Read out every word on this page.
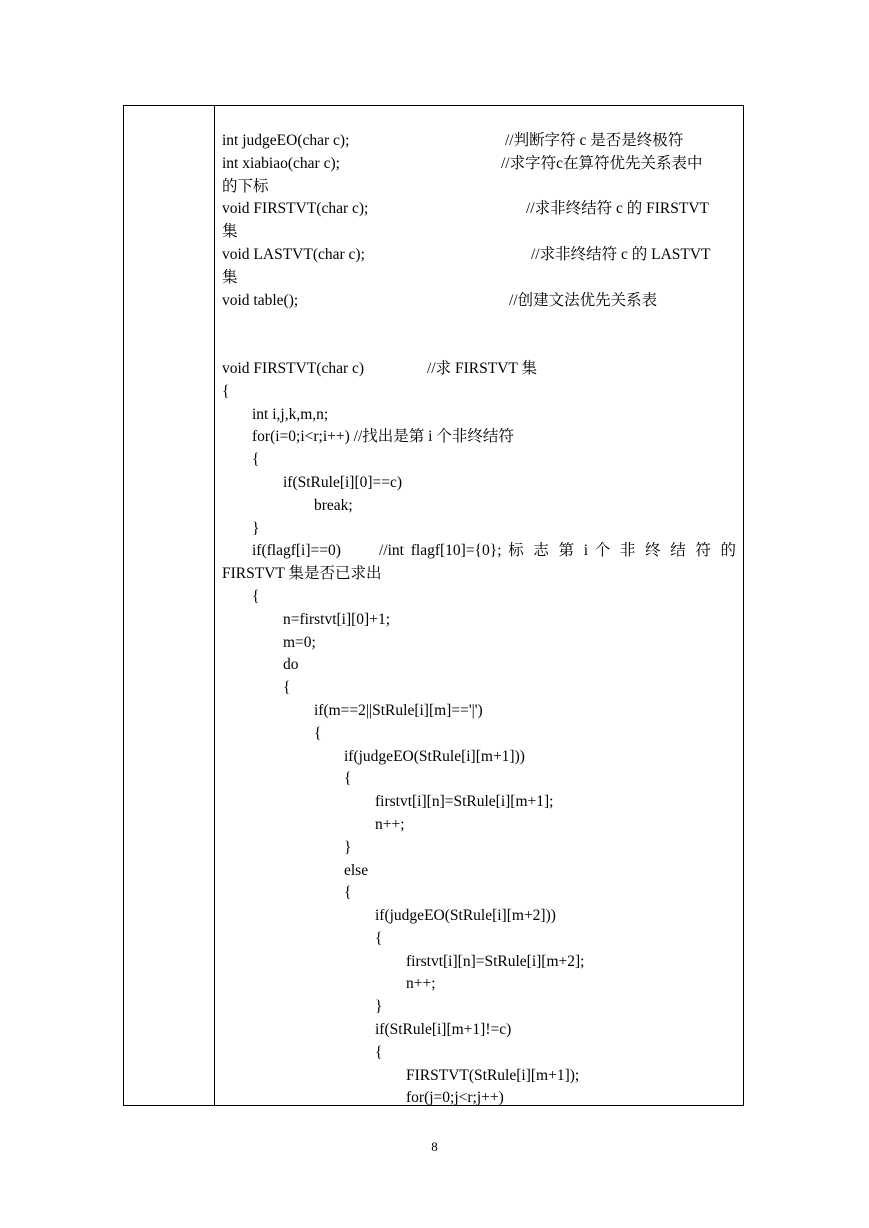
int judgeEO(char c);	//判断字符 c 是否是终极符
int xiabiao(char c);	//求字符c在算符优先关系表中
的下标
void FIRSTVT(char c);	//求非终结符 c 的 FIRSTVT
集
void LASTVT(char c);	//求非终结符 c 的 LASTVT
集
void table();	//创建文法优先关系表
void FIRSTVT(char c)	//求 FIRSTVT 集
{
int i,j,k,m,n;
for(i=0;i<r;i++) //找出是第 i 个非终结符
{
if(StRule[i][0]==c)
break;
}
if(flagf[i]==0) //int flagf[10]={0}; 标 志 第 i 个 非 终 结 符 的
FIRSTVT 集是否已求出
{
n=firstvt[i][0]+1;
m=0;
do
{
if(m==2||StRule[i][m]=='|')
{
if(judgeEO(StRule[i][m+1]))
{
firstvt[i][n]=StRule[i][m+1];
n++;
}
else
{
if(judgeEO(StRule[i][m+2]))
{
firstvt[i][n]=StRule[i][m+2];
n++;
}
if(StRule[i][m+1]!=c)
{
FIRSTVT(StRule[i][m+1]);
for(j=0;j<r;j++)
8
